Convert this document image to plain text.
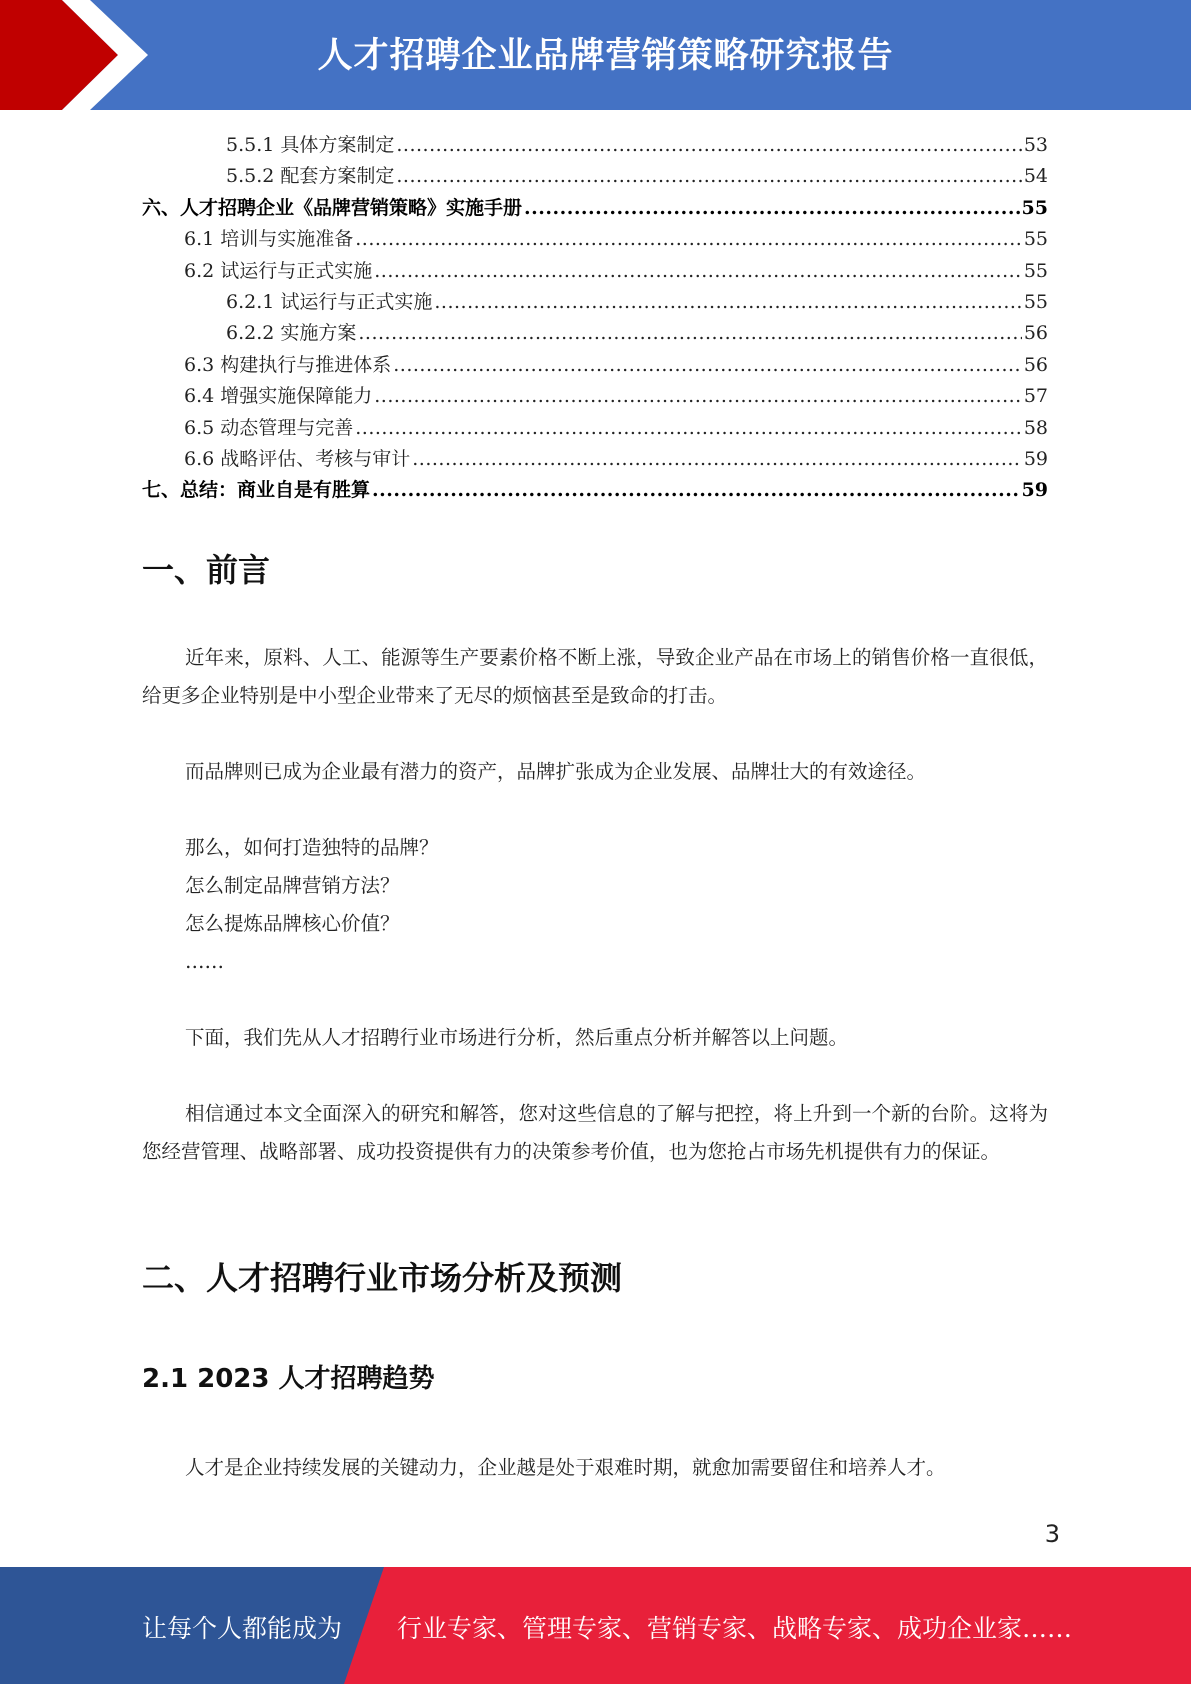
人才招聘企业品牌营销策略研究报告
5.5.1 具体方案制定 .....	53
5.5.2 配套方案制定 .....	54
六、人才招聘企业《品牌营销策略》实施手册 .....	55
6.1 培训与实施准备 .....	55
6.2 试运行与正式实施 .....	55
6.2.1 试运行与正式实施 .....	55
6.2.2 实施方案 .....	56
6.3 构建执行与推进体系 .....	56
6.4 增强实施保障能力 .....	57
6.5 动态管理与完善 .....	58
6.6 战略评估、考核与审计 .....	59
七、总结：商业自是有胜算 .....	59
一、前言
近年来，原料、人工、能源等生产要素价格不断上涨，导致企业产品在市场上的销售价格一直很低，给更多企业特别是中小型企业带来了无尽的烦恼甚至是致命的打击。
而品牌则已成为企业最有潜力的资产，品牌扩张成为企业发展、品牌壮大的有效途径。
那么，如何打造独特的品牌？
怎么制定品牌营销方法？
怎么提炼品牌核心价值？
……
下面，我们先从人才招聘行业市场进行分析，然后重点分析并解答以上问题。
相信通过本文全面深入的研究和解答，您对这些信息的了解与把控，将上升到一个新的台阶。这将为您经营管理、战略部署、成功投资提供有力的决策参考价值，也为您抢占市场先机提供有力的保证。
二、人才招聘行业市场分析及预测
2.1 2023 人才招聘趋势
人才是企业持续发展的关键动力，企业越是处于艰难时期，就愈加需要留住和培养人才。
3
让每个人都能成为 行业专家、管理专家、营销专家、战略专家、成功企业家……
